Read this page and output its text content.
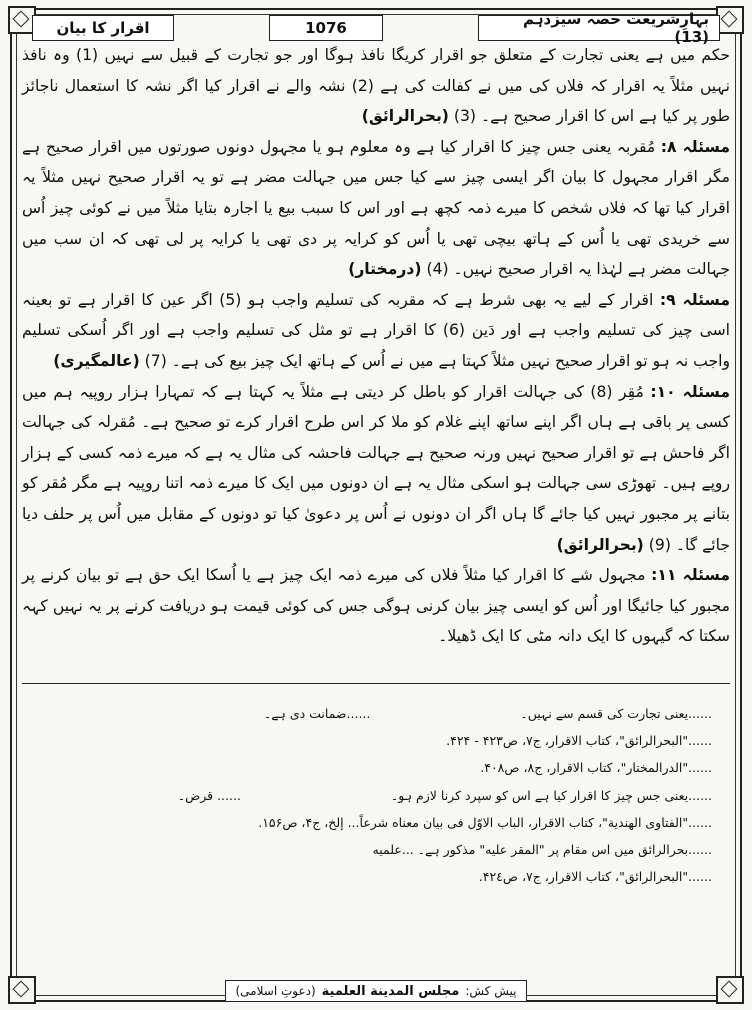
اقرار کا بیان	1076	بہارِشریعت حصہ سیزدہم (13)

حکم میں ہے یعنی تجارت کے متعلق جو اقرار کریگا نافذ ہوگا اور جو تجارت کے قبیل سے نہیں (1) وہ نافذ نہیں مثلاً یہ اقرار کہ فلاں کی میں نے کفالت کی ہے (2) نشہ والے نے اقرار کیا اگر نشہ کا استعمال ناجائز طور پر کیا ہے اس کا اقرار صحیح ہے۔ (3) (بحرالرائق)

مسئلہ ۸: مُقربہ یعنی جس چیز کا اقرار کیا ہے وہ معلوم ہو یا مجہول دونوں صورتوں میں اقرار صحیح ہے مگر اقرار مجہول کا بیان اگر ایسی چیز سے کیا جس میں جہالت مضر ہے تو یہ اقرار صحیح نہیں مثلاً یہ اقرار کیا تھا کہ فلاں شخص کا میرے ذمہ کچھ ہے اور اس کا سبب بیع یا اجارہ بتایا مثلاً میں نے کوئی چیز اُس سے خریدی تھی یا اُس کے ہاتھ بیچی تھی یا اُس کو کرایہ پر دی تھی یا کرایہ پر لی تھی کہ ان سب میں جہالت مضر ہے لہٰذا یہ اقرار صحیح نہیں۔ (4) (درمختار)

مسئلہ ۹: اقرار کے لیے یہ بھی شرط ہے کہ مقربہ کی تسلیم واجب ہو (5) اگر عین کا اقرار ہے تو بعینہ اسی چیز کی تسلیم واجب ہے اور دَین (6) کا اقرار ہے تو مثل کی تسلیم واجب ہے اور اگر اُسکی تسلیم واجب نہ ہو تو اقرار صحیح نہیں مثلاً کہتا ہے میں نے اُس کے ہاتھ ایک چیز بیع کی ہے۔ (7) (عالمگیری)

مسئلہ ۱۰: مُقِر (8) کی جہالت اقرار کو باطل کر دیتی ہے مثلاً یہ کہتا ہے کہ تمہارا ہزار روپیہ ہم میں کسی پر باقی ہے ہاں اگر اپنے ساتھ اپنے غلام کو ملا کر اس طرح اقرار کرے تو صحیح ہے۔ مُقرلہ کی جہالت اگر فاحش ہے تو اقرار صحیح نہیں ورنہ صحیح ہے جہالت فاحشہ کی مثال یہ ہے کہ میرے ذمہ کسی کے ہزار روپے ہیں۔ تھوڑی سی جہالت ہو اسکی مثال یہ ہے ان دونوں میں ایک کا میرے ذمہ اتنا روپیہ ہے مگر مُقر کو بتانے پر مجبور نہیں کیا جائے گا ہاں اگر ان دونوں نے اُس پر دعویٰ کیا تو دونوں کے مقابل میں اُس پر حلف دیا جائے گا۔ (9) (بحرالرائق)

مسئلہ ۱۱: مجہول شے کا اقرار کیا مثلاً فلاں کی میرے ذمہ ایک چیز ہے یا اُسکا ایک حق ہے تو بیان کرنے پر مجبور کیا جائیگا اور اُس کو ایسی چیز بیان کرنی ہوگی جس کی کوئی قیمت ہو دریافت کرنے پر یہ نہیں کہہ سکتا کہ گیہوں کا ایک دانہ مٹی کا ایک ڈھیلا۔

......یعنی تجارت کی قسم سے نہیں۔
......ضمانت دی ہے۔
......"البحرالرائق"، کتاب الاقرار، ج۷، ص۴۲۳ - ۴۲۴.
......"الدرالمختار"، کتاب الاقرار، ج۸، ص۴۰۸.
......یعنی جس چیز کا اقرار کیا ہے اس کو سپرد کرنا لازم ہو۔
...... قرض۔
......"الفتاوی الهندیة"، کتاب الاقرار، الباب الاوّل فی بیان معناه شرعاً... إلخ، ج۴، ص۱۵۶.
......بحرالرائق میں اس مقام پر "المقر علیه" مذکور ہے۔ ...علمیه
......"البحرالرائق"، کتاب الاقرار، ج۷، ص۴۲٤.
پیش کش:
مجلس المدینة العلمیة
(دعوتِ اسلامی)
